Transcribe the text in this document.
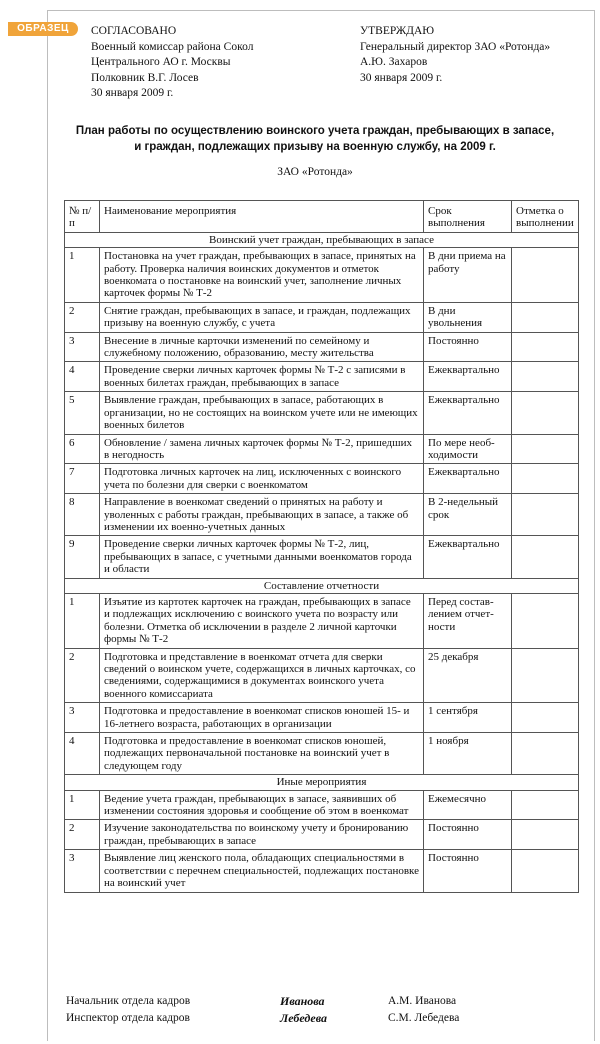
ОБРАЗЕЦ	СОГЛАСОВАНО
Военный комиссар района Сокол
Центрального АО г. Москвы
Полковник В.Г. Лосев
30 января 2009 г.
УТВЕРЖДАЮ
Генеральный директор ЗАО «Ротонда»
А.Ю. Захаров
30 января 2009 г.
План работы по осуществлению воинского учета граждан, пребывающих в запасе,
и граждан, подлежащих призыву на военную службу, на 2009 г.
ЗАО «Ротонда»
№ п/п	Наименование мероприятия	Срок выполнения	Отметка о выполнении
Воинский учет граждан, пребывающих в запасе			
1	Постановка на учет граждан, пребывающих в запасе, принятых на работу. Проверка наличия воинских документов и отметок военкомата о постановке на воинский учет, заполнение личных карточек формы № Т-2	В дни приема на работу	
2	Снятие граждан, пребывающих в запасе, и граждан, подлежащих призыву на военную службу, с учета	В дни увольнения	
3	Внесение в личные карточки изменений по семейному и служебному положению, образованию, месту жительства	Постоянно	
4	Проведение сверки личных карточек формы № Т-2 с записями в военных билетах граждан, пребывающих в запасе	Ежеквартально	
5	Выявление граждан, пребывающих в запасе, работающих в организации, но не состоящих на воинском учете или не имеющих военных билетов	Ежеквартально	
6	Обновление / замена личных карточек формы № Т-2, пришедших в негодность	По мере необходимости	
7	Подготовка личных карточек на лиц, исключенных с воинского учета по болезни для сверки с военкоматом	Ежеквартально	
8	Направление в военкомат сведений о принятых на работу и уволенных с работы граждан, пребывающих в запасе, а также об изменении их военно-учетных данных	В 2-недельный срок	
9	Проведение сверки личных карточек формы № Т-2, лиц, пребывающих в запасе, с учетными данными военкоматов города и области	Ежеквартально	
Составление отчетности			
1	Изъятие из картотек карточек на граждан, пребывающих в запасе и подлежащих исключению с воинского учета по возрасту или болезни. Отметка об исключении в разделе 2 личной карточки формы № Т-2	Перед составлением отчетности	
2	Подготовка и представление в военкомат отчета для сверки сведений о воинском учете, содержащихся в личных карточках, со сведениями, содержащимися в документах воинского учета военного комиссариата	25 декабря	
3	Подготовка и предоставление в военкомат списков юношей 15- и 16-летнего возраста, работающих в организации	1 сентября	
4	Подготовка и предоставление в военкомат списков юношей, подлежащих первоначальной постановке на воинский учет в следующем году	1 ноября	
Иные мероприятия			
1	Ведение учета граждан, пребывающих в запасе, заявивших об изменении состояния здоровья и сообщение об этом в военкомат	Ежемесячно	
2	Изучение законодательства по воинскому учету и бронированию граждан, пребывающих в запасе	Постоянно	
3	Выявление лиц женского пола, обладающих специальностями в соответствии с перечнем специальностей, подлежащих постановке на воинский учет	Постоянно	
Начальник отдела кадров	Иванова	А.М. Иванова
Инспектор отдела кадров	Лебедева	С.М. Лебедева
